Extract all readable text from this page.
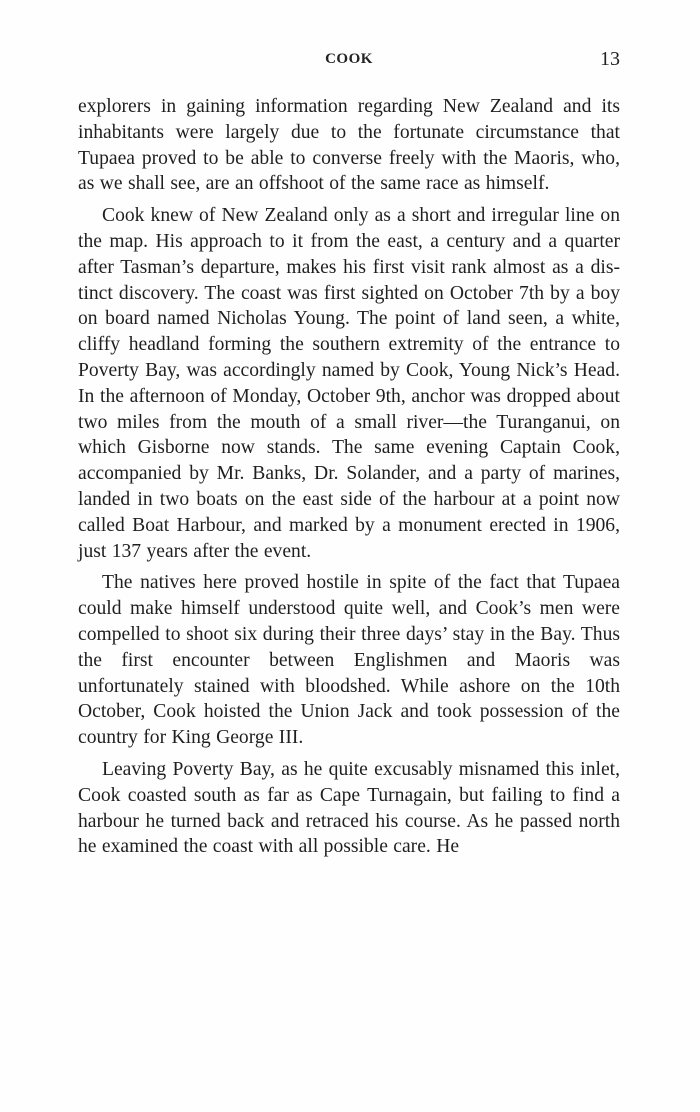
COOK	13

explorers in gaining information regarding New Zealand and its inhabitants were largely due to the fortunate circumstance that Tupaea proved to be able to converse freely with the Maoris, who, as we shall see, are an offshoot of the same race as himself.

Cook knew of New Zealand only as a short and irregular line on the map. His approach to it from the east, a century and a quarter after Tasman’s departure, makes his first visit rank almost as a distinct discovery. The coast was first sighted on October 7th by a boy on board named Nicholas Young. The point of land seen, a white, cliffy headland forming the southern extremity of the entrance to Poverty Bay, was accordingly named by Cook, Young Nick’s Head. In the afternoon of Monday, October 9th, anchor was dropped about two miles from the mouth of a small river—the Turanganui, on which Gisborne now stands. The same evening Captain Cook, accompanied by Mr. Banks, Dr. Solander, and a party of marines, landed in two boats on the east side of the harbour at a point now called Boat Harbour, and marked by a monument erected in 1906, just 137 years after the event.

The natives here proved hostile in spite of the fact that Tupaea could make himself understood quite well, and Cook’s men were compelled to shoot six during their three days’ stay in the Bay. Thus the first encounter between Englishmen and Maoris was unfortunately stained with bloodshed. While ashore on the 10th October, Cook hoisted the Union Jack and took possession of the country for King George III.

Leaving Poverty Bay, as he quite excusably misnamed this inlet, Cook coasted south as far as Cape Turnagain, but failing to find a harbour he turned back and retraced his course. As he passed north he examined the coast with all possible care. He
